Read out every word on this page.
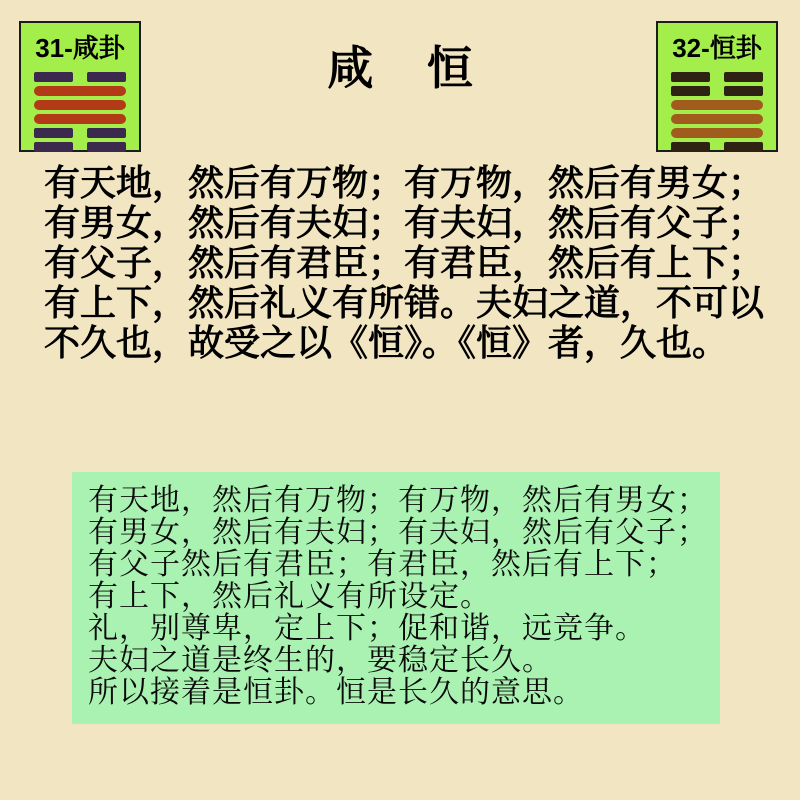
31-咸卦	咸 恒	32-恒卦
有天地，然后有万物；有万物，然后有男女；
有男女，然后有夫妇；有夫妇，然后有父子；
有父子，然后有君臣；有君臣，然后有上下；
有上下，然后礼义有所错。夫妇之道，不可以
不久也，故受之以《恒》。《恒》者，久也。
有天地，然后有万物；有万物，然后有男女；
有男女，然后有夫妇；有夫妇，然后有父子；
有父子然后有君臣；有君臣，然后有上下；
有上下，然后礼义有所设定。
礼，别尊卑，定上下；促和谐，远竞争。
夫妇之道是终生的，要稳定长久。
所以接着是恒卦。恒是长久的意思。
